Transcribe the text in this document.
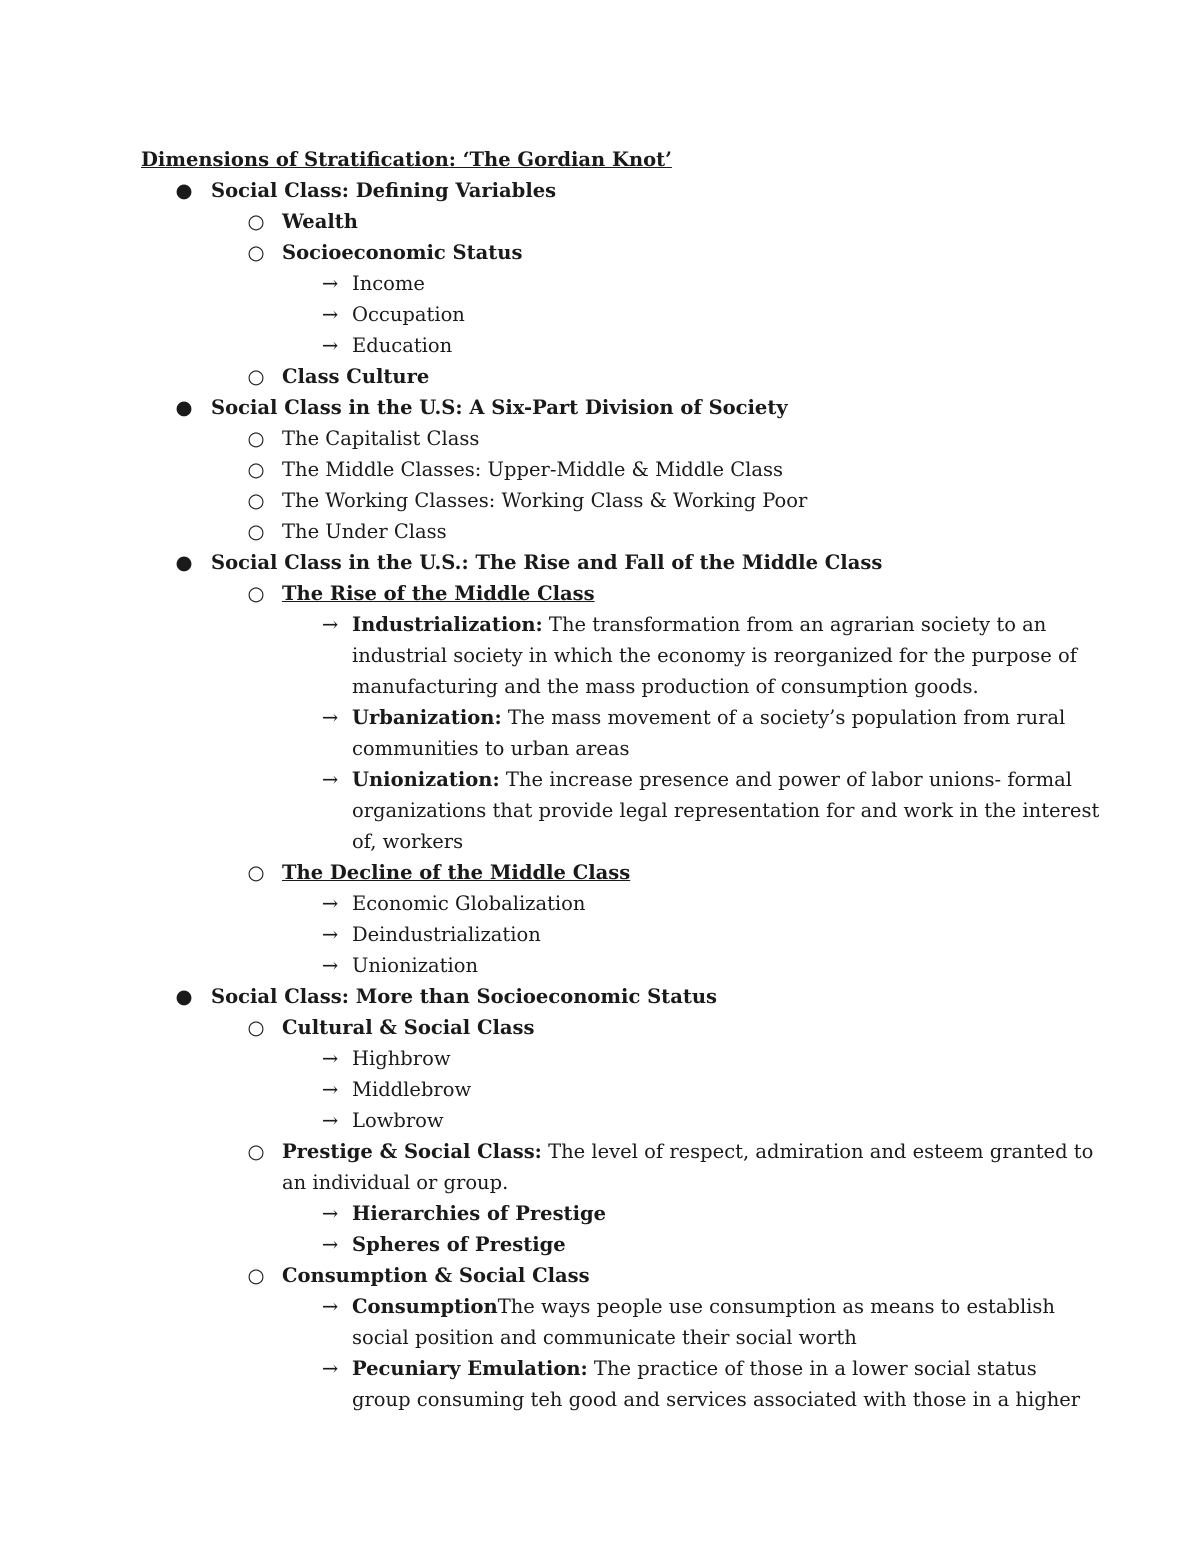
Dimensions of Stratification: ‘The Gordian Knot’
● Social Class: Defining Variables
○ Wealth
○ Socioeconomic Status
→ Income
→ Occupation
→ Education
○ Class Culture
● Social Class in the U.S: A Six-Part Division of Society
○ The Capitalist Class
○ The Middle Classes: Upper-Middle & Middle Class
○ The Working Classes: Working Class & Working Poor
○ The Under Class
● Social Class in the U.S.: The Rise and Fall of the Middle Class
○ The Rise of the Middle Class
→ Industrialization: The transformation from an agrarian society to an
industrial society in which the economy is reorganized for the purpose of
manufacturing and the mass production of consumption goods.
→ Urbanization: The mass movement of a society’s population from rural
communities to urban areas
→ Unionization: The increase presence and power of labor unions- formal
organizations that provide legal representation for and work in the interest
of, workers
○ The Decline of the Middle Class
→ Economic Globalization
→ Deindustrialization
→ Unionization
● Social Class: More than Socioeconomic Status
○ Cultural & Social Class
→ Highbrow
→ Middlebrow
→ Lowbrow
○ Prestige & Social Class: The level of respect, admiration and esteem granted to
an individual or group.
→ Hierarchies of Prestige
→ Spheres of Prestige
○ Consumption & Social Class
→ ConsumptionThe ways people use consumption as means to establish
social position and communicate their social worth
→ Pecuniary Emulation: The practice of those in a lower social status
group consuming teh good and services associated with those in a higher
